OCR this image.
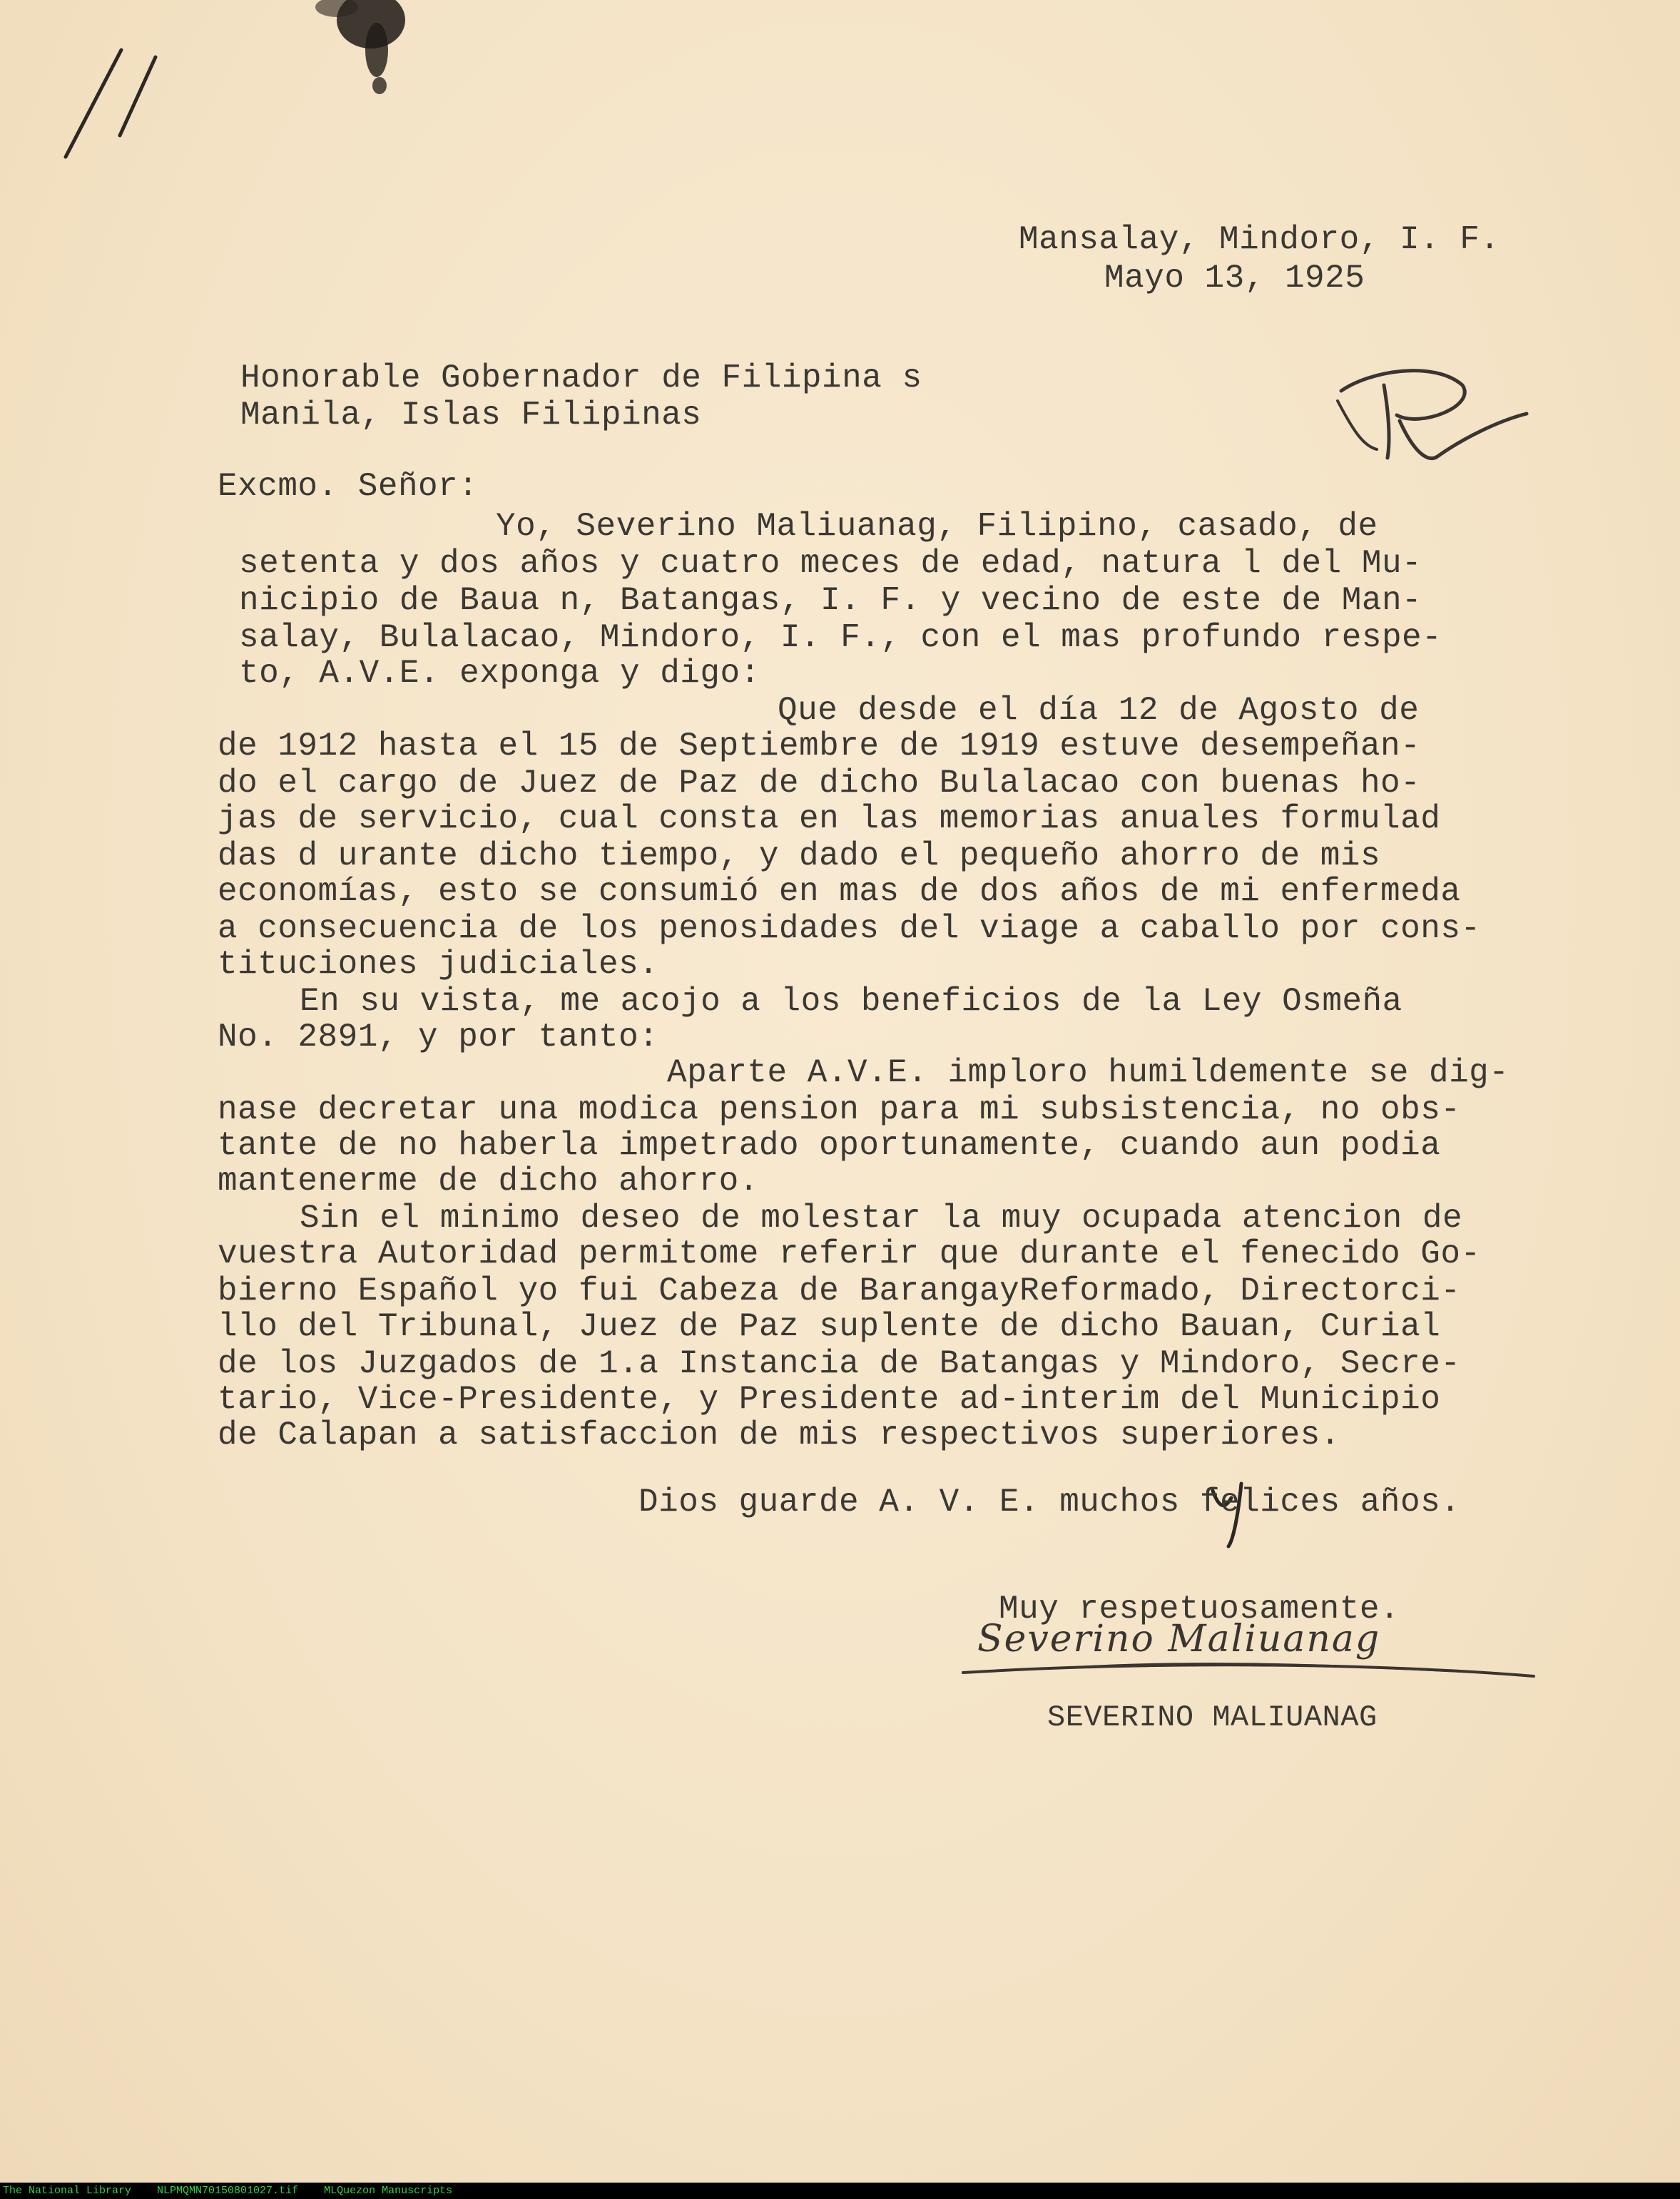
Mansalay, Mindoro, I. F.
Mayo 13, 1925
Honorable Gobernador de Filipina s
Manila, Islas Filipinas
Excmo. Señor:
Yo, Severino Maliuanag, Filipino, casado, de
setenta y dos años y cuatro meces de edad, natura l del Mu-
nicipio de Baua n, Batangas, I. F. y vecino de este de Man-
salay, Bulalacao, Mindoro, I. F., con el mas profundo respe-
to, A.V.E. exponga y digo:
Que desde el día 12 de Agosto de
de 1912 hasta el 15 de Septiembre de 1919 estuve desempeñan-
do el cargo de Juez de Paz de dicho Bulalacao con buenas ho-
jas de servicio, cual consta en las memorias anuales formulad
das d urante dicho tiempo, y dado el pequeño ahorro de mis
economías, esto se consumió en mas de dos años de mi enfermeda
a consecuencia de los penosidades del viage a caballo por cons-
tituciones judiciales.
En su vista, me acojo a los beneficios de la Ley Osmeña
No. 2891, y por tanto:
Aparte A.V.E. imploro humildemente se dig-
nase decretar una modica pension para mi subsistencia, no obs-
tante de no haberla impetrado oportunamente, cuando aun podia
mantenerme de dicho ahorro.
Sin el minimo deseo de molestar la muy ocupada atencion de
vuestra Autoridad permitome referir que durante el fenecido Go-
bierno Español yo fui Cabeza de BarangayReformado, Directorci-
llo del Tribunal, Juez de Paz suplente de dicho Bauan, Curial
de los Juzgados de 1.a Instancia de Batangas y Mindoro, Secre-
tario, Vice-Presidente, y Presidente ad-interim del Municipio
de Calapan a satisfaccion de mis respectivos superiores.
Dios guarde A. V. E. muchos felices años.
Muy respetuosamente.
Severino Maliuanag
SEVERINO MALIUANAG
The National Library    NLPMQMN70150801027.tif    MLQuezon Manuscripts
